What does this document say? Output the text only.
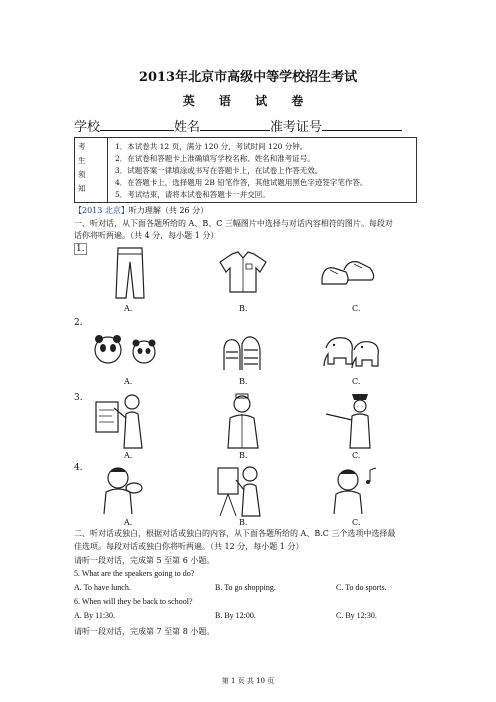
2013年北京市高级中等学校招生考试
英 语 试 卷
学校	姓名	准考证号
考
生
须
知
1．本试卷共 12 页，满分 120 分，考试时间 120 分钟。
2．在试卷和答题卡上准确填写学校名称、姓名和准考证号。
3．试题答案一律填涂或书写在答题卡上，在试卷上作答无效。
4．在答题卡上，选择题用 2B 铅笔作答，其他试题用黑色字迹签字笔作答。
5．考试结束，请将本试卷和答题卡一并交回。
【2013 北京】听力理解（共 26 分）
一、听对话，从下面各题所给的 A、B、C 三幅图片中选择与对话内容相符的图片。每段对
话你将听两遍。（共 4 分，每小题 1 分）
1.
A.	B.	C.
2.
A.	B.	C.
3.
A.	B.	C.
4.
A.	B.	C.
二、听对话或独白，根据对话或独白的内容，从下面各题所给的 A、B.C 三个选项中选择最
佳选项。每段对话或独白你将听两遍。（共 12 分，每小题 1 分）
请听一段对话，完成第 5 至第 6 小题。
5. What are the speakers going to do?
A. To have lunch.	B. To go shopping.	C. To do sports.
6. When will they be back to school?
A. By 11:30.	B. By 12:00.	C. By 12:30.
请听一段对话，完成第 7 至第 8 小题。
第 1 页 共 10 页
